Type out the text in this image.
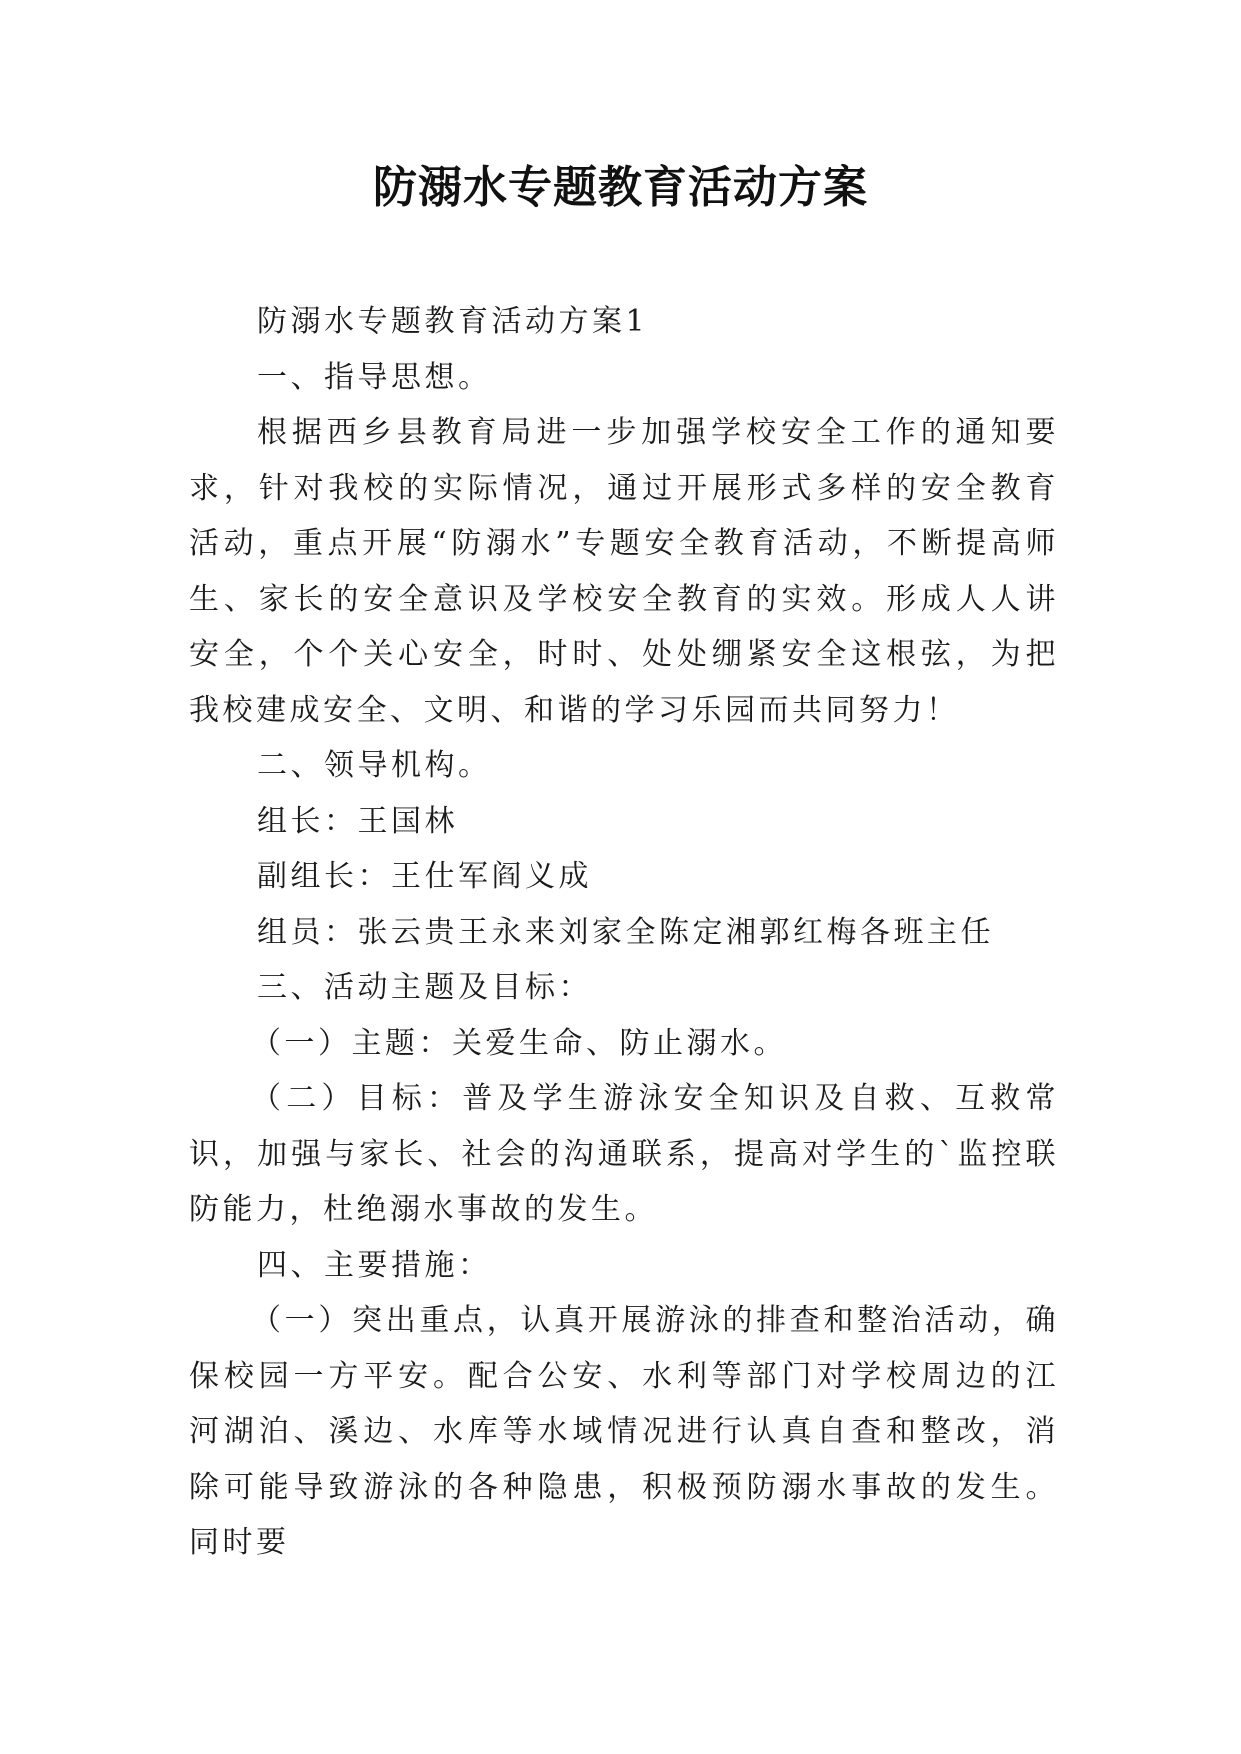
防溺水专题教育活动方案

防溺水专题教育活动方案1

一、指导思想。

根据西乡县教育局进一步加强学校安全工作的通知要求，针对我校的实际情况，通过开展形式多样的安全教育活动，重点开展“防溺水”专题安全教育活动，不断提高师生、家长的安全意识及学校安全教育的实效。形成人人讲安全，个个关心安全，时时、处处绷紧安全这根弦，为把我校建成安全、文明、和谐的学习乐园而共同努力！

二、领导机构。

组长：王国林

副组长：王仕军阎义成

组员：张云贵王永来刘家全陈定湘郭红梅各班主任

三、活动主题及目标：

（一）主题：关爱生命、防止溺水。

（二）目标：普及学生游泳安全知识及自救、互救常识，加强与家长、社会的沟通联系，提高对学生的`监控联防能力，杜绝溺水事故的发生。

四、主要措施：

（一）突出重点，认真开展游泳的排查和整治活动，确保校园一方平安。配合公安、水利等部门对学校周边的江河湖泊、溪边、水库等水域情况进行认真自查和整改，消除可能导致游泳的各种隐患，积极预防溺水事故的发生。同时要
